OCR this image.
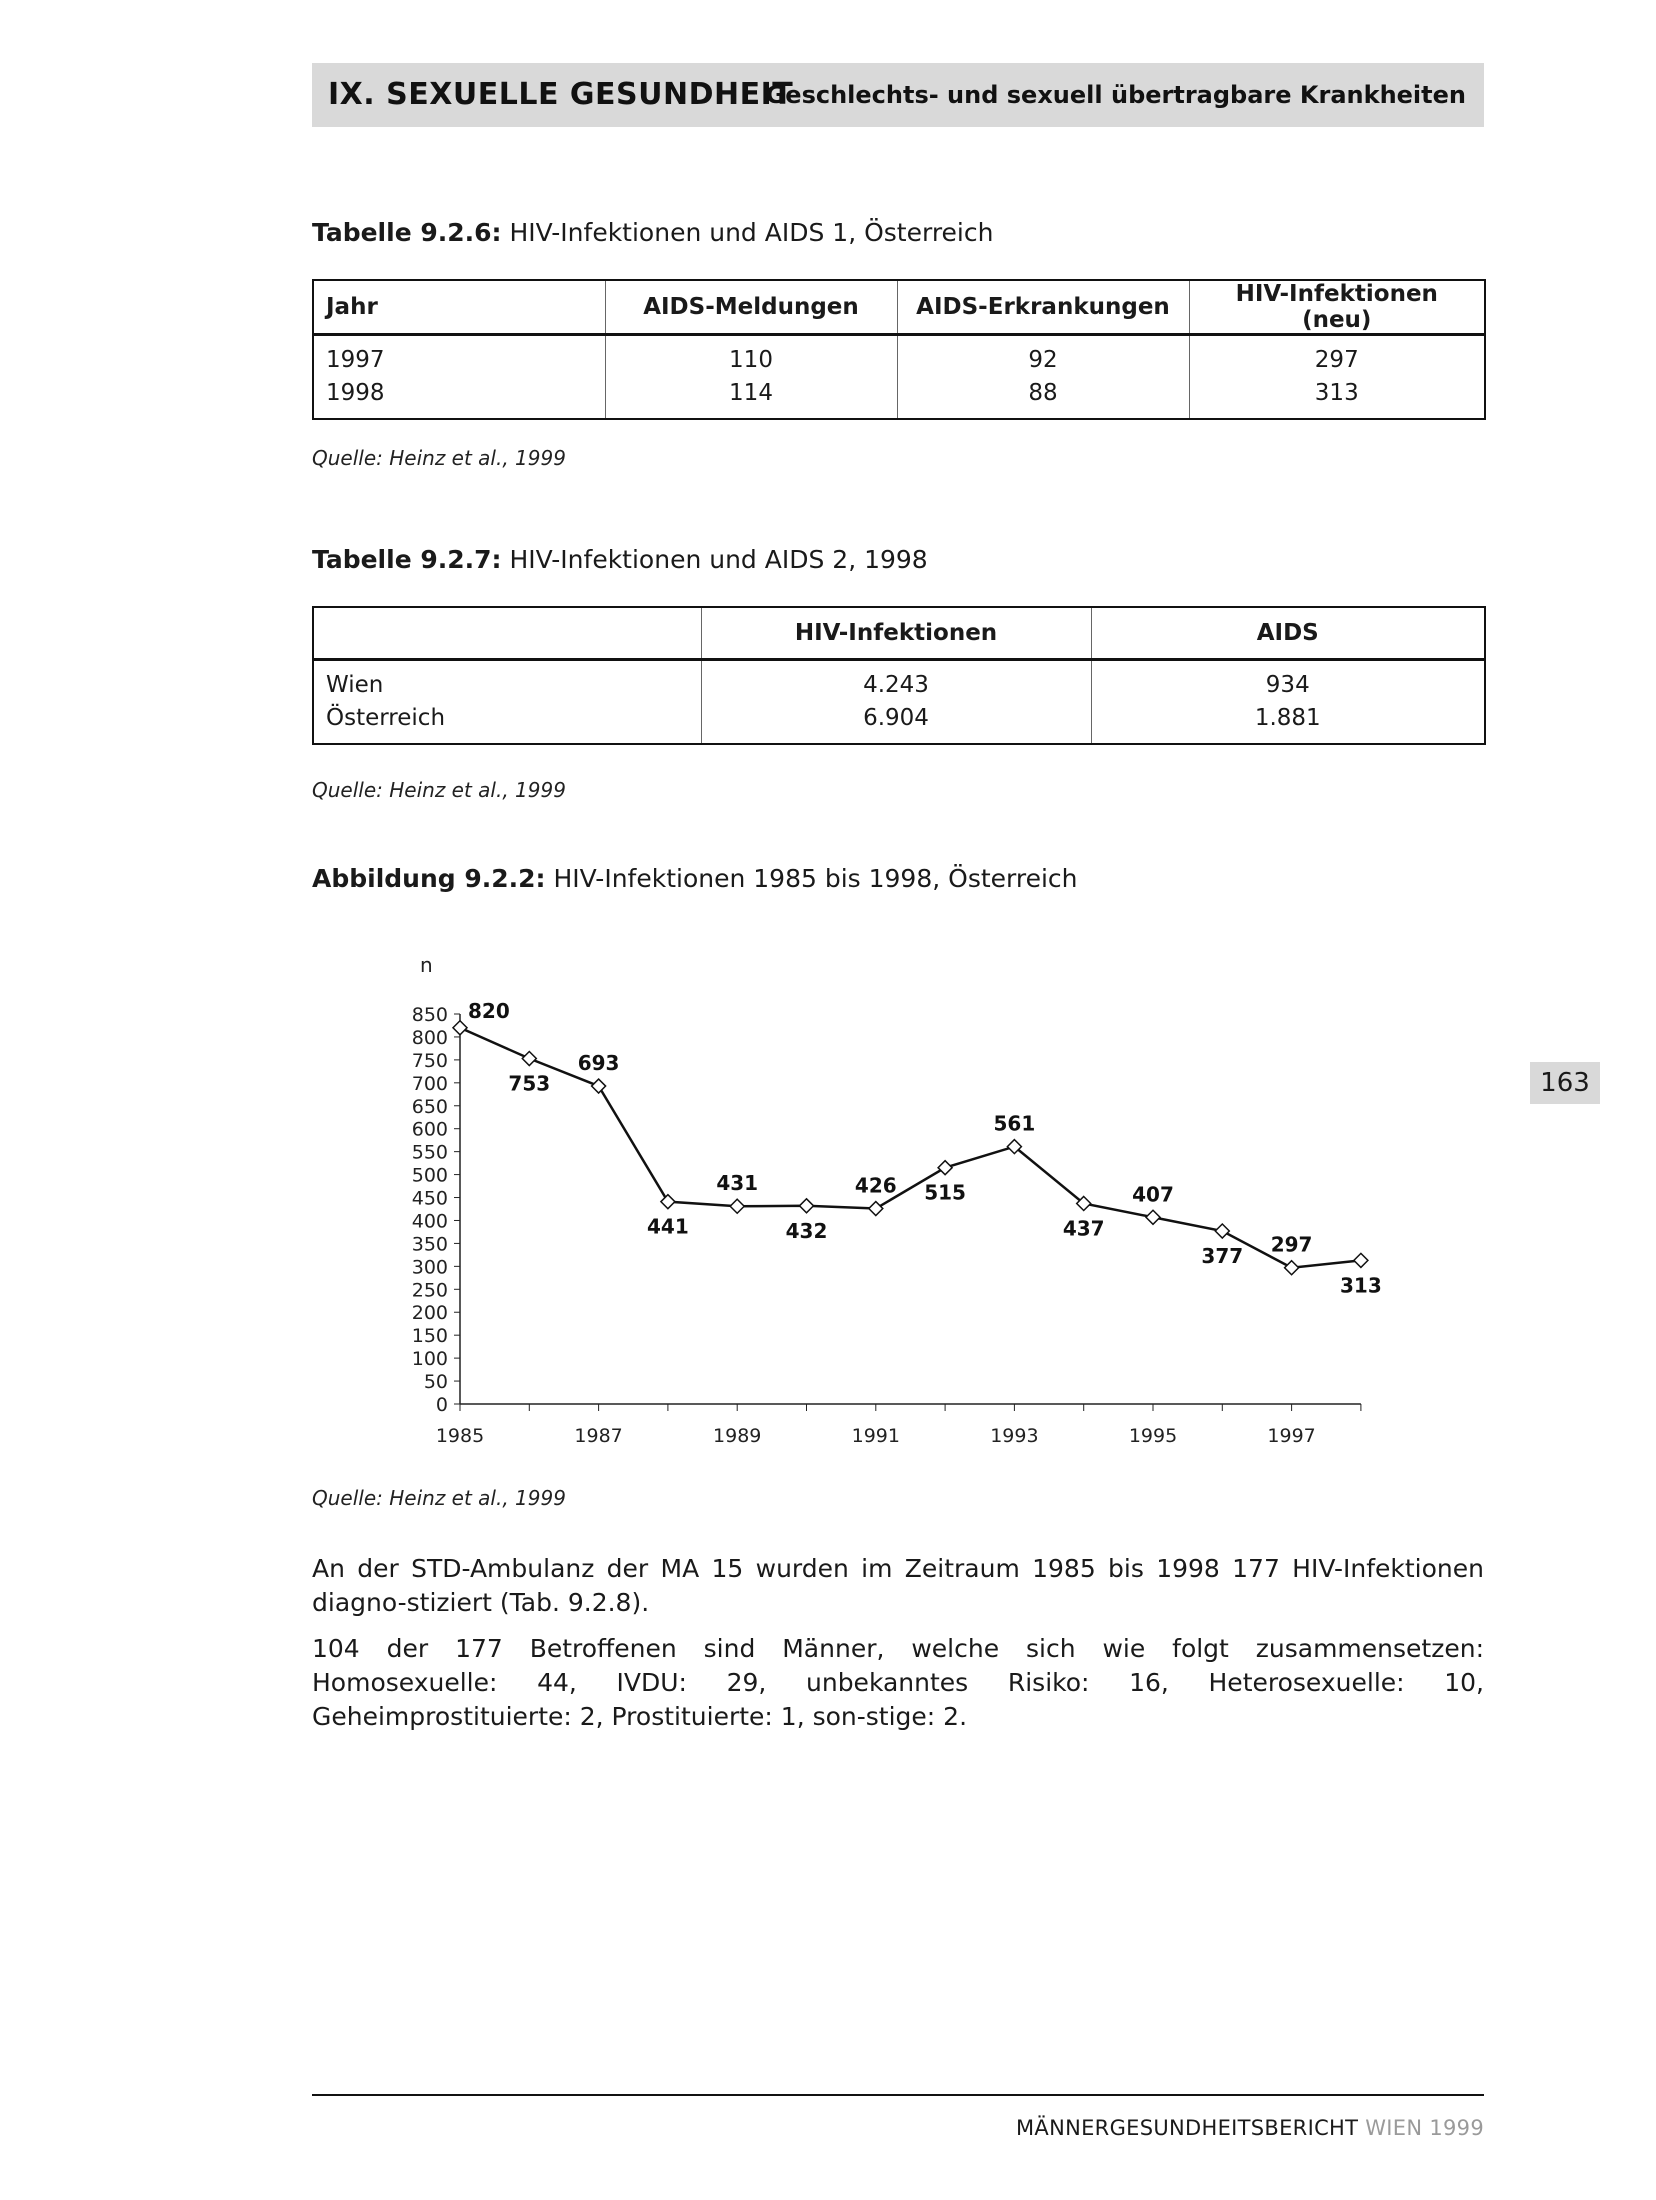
IX. SEXUELLE GESUNDHEIT
Geschlechts- und sexuell übertragbare Krankheiten
Tabelle 9.2.6: HIV-Infektionen und AIDS 1, Österreich
Jahr	AIDS-Meldungen	AIDS-Erkrankungen	HIV-Infektionen (neu)
1997	110	92	297
1998	114	88	313
Quelle: Heinz et al., 1999
Tabelle 9.2.7: HIV-Infektionen und AIDS 2, 1998
	HIV-Infektionen	AIDS
Wien	4.243	934
Österreich	6.904	1.881
Quelle: Heinz et al., 1999
Abbildung 9.2.2: HIV-Infektionen 1985 bis 1998, Österreich
n
0
50
100
150
200
250
300
350
400
450
500
550
600
650
700
750
800
850
1985	1987	1989	1991	1993	1995	1997
820
753
693
441
431
432
426 515
561
437
407
377 297
313
Quelle: Heinz et al., 1999
163
An der STD-Ambulanz der MA 15 wurden im Zeitraum 1985 bis 1998 177 HIV-Infektionen diagno-stiziert (Tab. 9.2.8).
104 der 177 Betroffenen sind Männer, welche sich wie folgt zusammensetzen: Homosexuelle: 44, IVDU: 29, unbekanntes Risiko: 16, Heterosexuelle: 10, Geheimprostituierte: 2, Prostituierte: 1, son-stige: 2.
MÄNNERGESUNDHEITSBERICHT WIEN 1999
